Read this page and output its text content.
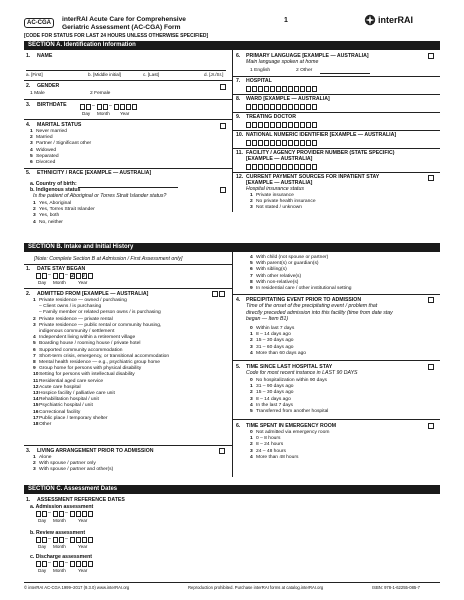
AC-CGA	interRAI Acute Care for Comprehensive
Geriatric Assessment (AC-CGA) Form
1	interRAI
[CODE FOR STATUS FOR LAST 24 HOURS UNLESS OTHERWISE SPECIFIED]
SECTION A. Identification Information
1. NAME
a. [First]	b. [Middle initial]	c. [Last]	d. [Jr./Sr.]
2. GENDER
1 Male	2 Female
3. BIRTHDATE	–	–
Day Month Year
4. MARITAL STATUS
1 Never married
2 Married
3 Partner / Significant other
4 Widowed
5 Separated
6 Divorced
5. ETHNICITY / RACE [EXAMPLE — AUSTRALIA]
a. Country of birth:
b. Indigenous status
Is the patient of Aboriginal or Torres Strait Islander status?
1 Yes, Aboriginal
2 Yes, Torres Strait Islander
3 Yes, both
4 No, neither
6. PRIMARY LANGUAGE [EXAMPLE — AUSTRALIA]
Main language spoken at home
1 English	2 Other
7. HOSPITAL
8. WARD [EXAMPLE — AUSTRALIA]
9. TREATING DOCTOR
10. NATIONAL NUMERIC IDENTIFIER [EXAMPLE — AUSTRALIA]
11. FACILITY / AGENCY PROVIDER NUMBER (STATE SPECIFIC)
[EXAMPLE — AUSTRALIA]
12. CURRENT PAYMENT SOURCES FOR INPATIENT STAY
[EXAMPLE — AUSTRALIA]
Hospital insurance status
1 Private insurance
2 No private health insurance
3 Not stated / unknown
SECTION B. Intake and Initial History
[Note: Complete Section B at Admission / First Assessment only]
1. DATE STAY BEGAN
–	– 2 0
Day Month	Year
2. ADMITTED FROM [EXAMPLE — AUSTRALIA]
1 Private residence — owned / purchasing
– Client owns / is purchasing
– Family member or related person owns / is purchasing
2 Private residence — private rental
3 Private residence — public rental or community housing,
indigenous community / settlement
4 Independent living within a retirement village
5 Boarding house / rooming house / private hotel
6 Supported community accommodation
7 Short-term crisis, emergency, or transitional accommodation
8 Mental health residence — e.g., psychiatric group home
9 Group home for persons with physical disability
10Setting for persons with intellectual disability
11Residential aged care service
12Acute care hospital
13Hospice facility / palliative care unit
14Rehabilitation hospital / unit
15Psychiatric hospital / unit
16Correctional facility
17Public place / temporary shelter
18Other
3. LIVING ARRANGEMENT PRIOR TO ADMISSION
1 Alone
2 With spouse / partner only
3 With spouse / partner and other(s)
4 With child (not spouse or partner)
5 With parent(s) or guardian(s)
6 With sibling(s)
7 With other relative(s)
8 With non-relative(s)
9 In residential care / other institutional setting
4. PRECIPITATING EVENT PRIOR TO ADMISSION
Time of the onset of the precipitating event / problem that
directly preceded admission into this facility (time from date stay
began — Item B1)
0 Within last 7 days
1 8 – 14 days ago
2 15 – 30 days ago
3 31 – 60 days ago
4 More than 60 days ago
5. TIME SINCE LAST HOSPITAL STAY
Code for most recent instance in LAST 90 DAYS
0 No hospitalization within 90 days
1 31 – 90 days ago
2 15 – 30 days ago
3 8 – 14 days ago
4 In the last 7 days
5 Transferred from another hospital
6. TIME SPENT IN EMERGENCY ROOM
0 Not admitted via emergency room
1 0 – 8 hours
2 8 – 24 hours
3 24 – 48 hours
4 More than 48 hours
SECTION C. Assessment Dates
1. ASSESSMENT REFERENCE DATES
a. Admission assessment
–	–
Day Month	Year
b. Review assessment
–	–
Day Month	Year
c. Discharge assessment
–	–
Day Month	Year
© interRAI AC-CGA 1999–2017 (9.3.0) www.interRAI.org	Reproduction prohibited. Purchase interRAI forms at catalog.interRAI.org	ISBN: 978-1-62255-085-7
